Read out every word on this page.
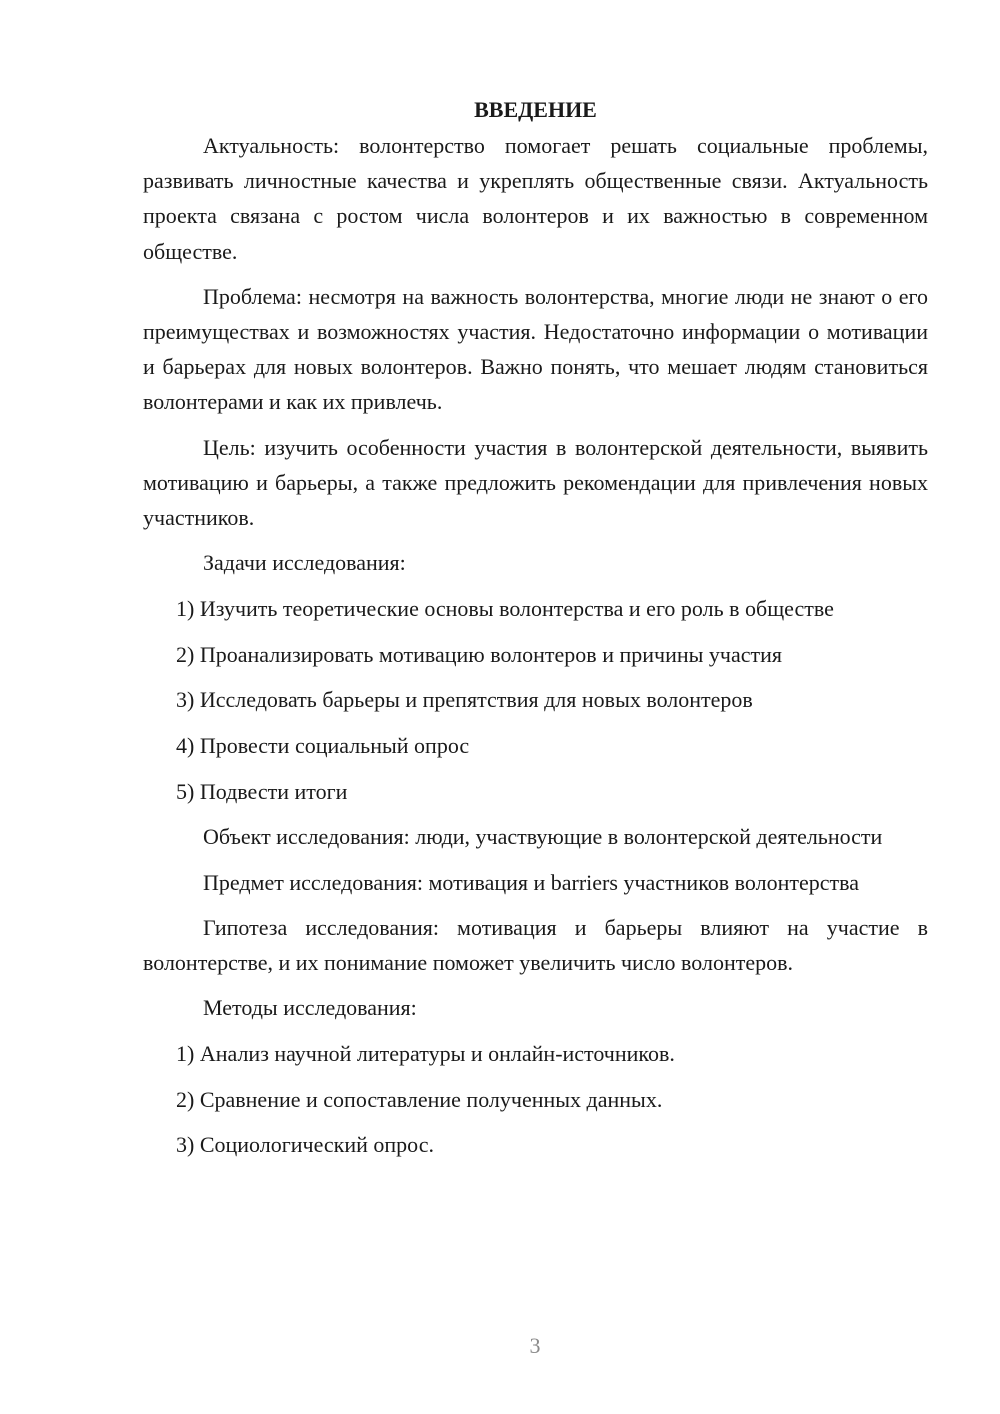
ВВЕДЕНИЕ

Актуальность: волонтерство помогает решать социальные проблемы, развивать личностные качества и укреплять общественные связи. Актуальность проекта связана с ростом числа волонтеров и их важностью в современном обществе.

Проблема: несмотря на важность волонтерства, многие люди не знают о его преимуществах и возможностях участия. Недостаточно информации о мотивации и барьерах для новых волонтеров. Важно понять, что мешает людям становиться волонтерами и как их привлечь.

Цель: изучить особенности участия в волонтерской деятельности, выявить мотивацию и барьеры, а также предложить рекомендации для привлечения новых участников.

Задачи исследования:

1) Изучить теоретические основы волонтерства и его роль в обществе

2) Проанализировать мотивацию волонтеров и причины участия

3) Исследовать барьеры и препятствия для новых волонтеров

4) Провести социальный опрос

5) Подвести итоги

Объект исследования: люди, участвующие в волонтерской деятельности

Предмет исследования: мотивация и barriers участников волонтерства

Гипотеза исследования: мотивация и барьеры влияют на участие в волонтерстве, и их понимание поможет увеличить число волонтеров.

Методы исследования:

1) Анализ научной литературы и онлайн-источников.

2) Сравнение и сопоставление полученных данных.

3) Социологический опрос.

3
